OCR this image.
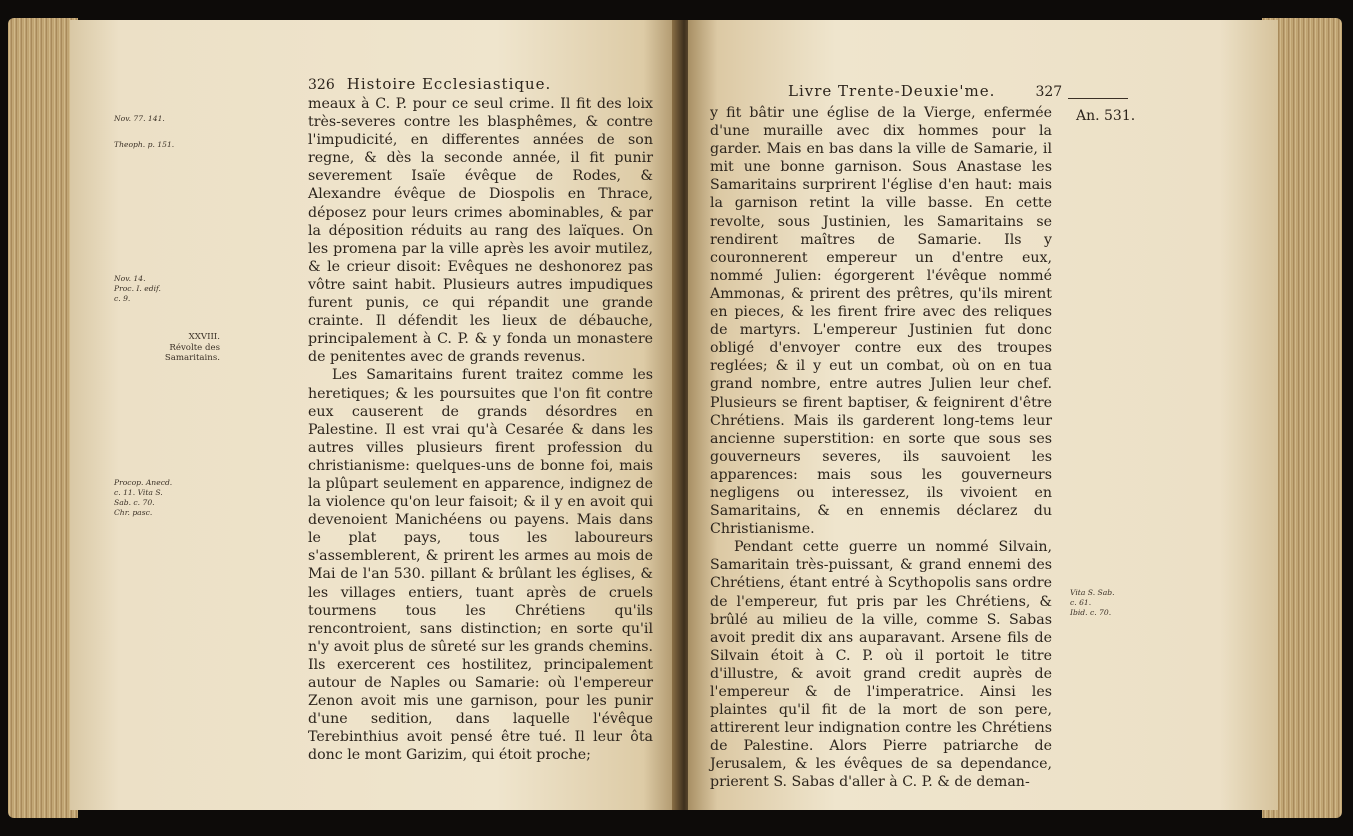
326 Histoire Ecclesiastique.
Nov. 77. 141.
Theoph. p. 151.
Nov. 14.
Proc. I. edif.
c. 9.
XXVIII.
Révolte des
Samaritains.
Procop. Anecd.
c. 11. Vita S.
Sab. c. 70.
Chr. pasc.

meaux à C. P. pour ce seul crime. Il fit des loix très-severes contre les blasphêmes, & contre l'impudicité, en differentes années de son regne, & dès la seconde année, il fit punir severement Isaïe évêque de Rodes, & Alexandre évêque de Diospolis en Thrace, déposez pour leurs crimes abominables, & par la déposition réduits au rang des laïques. On les promena par la ville après les avoir mutilez, & le crieur disoit: Evêques ne deshonorez pas vôtre saint habit. Plusieurs autres impudiques furent punis, ce qui répandit une grande crainte. Il défendit les lieux de débauche, principalement à C. P. & y fonda un monastere de penitentes avec de grands revenus.

Les Samaritains furent traitez comme les heretiques; & les poursuites que l'on fit contre eux causerent de grands désordres en Palestine. Il est vrai qu'à Cesarée & dans les autres villes plusieurs firent profession du christianisme: quelques-uns de bonne foi, mais la plûpart seulement en apparence, indignez de la violence qu'on leur faisoit; & il y en avoit qui devenoient Manichéens ou payens. Mais dans le plat pays, tous les laboureurs s'assemblerent, & prirent les armes au mois de Mai de l'an 530. pillant & brûlant les églises, & les villages entiers, tuant après de cruels tourmens tous les Chrétiens qu'ils rencontroient, sans distinction; en sorte qu'il n'y avoit plus de sûreté sur les grands chemins. Ils exercerent ces hostilitez, principalement autour de Naples ou Samarie: où l'empereur Zenon avoit mis une garnison, pour les punir d'une sedition, dans laquelle l'évêque Terebinthius avoit pensé être tué. Il leur ôta donc le mont Garizim, qui étoit proche;

Livre Trente-Deuxie'me.	327
An. 531.

y fit bâtir une église de la Vierge, enfermée d'une muraille avec dix hommes pour la garder. Mais en bas dans la ville de Samarie, il mit une bonne garnison. Sous Anastase les Samaritains surprirent l'église d'en haut: mais la garnison retint la ville basse. En cette revolte, sous Justinien, les Samaritains se rendirent maîtres de Samarie. Ils y couronnerent empereur un d'entre eux, nommé Julien: égorgerent l'évêque nommé Ammonas, & prirent des prêtres, qu'ils mirent en pieces, & les firent frire avec des reliques de martyrs. L'empereur Justinien fut donc obligé d'envoyer contre eux des troupes reglées; & il y eut un combat, où on en tua grand nombre, entre autres Julien leur chef. Plusieurs se firent baptiser, & feignirent d'être Chrétiens. Mais ils garderent long-tems leur ancienne superstition: en sorte que sous ses gouverneurs severes, ils sauvoient les apparences: mais sous les gouverneurs negligens ou interessez, ils vivoient en Samaritains, & en ennemis déclarez du Christianisme.

Pendant cette guerre un nommé Silvain, Samaritain très-puissant, & grand ennemi des Chrétiens, étant entré à Scythopolis sans ordre de l'empereur, fut pris par les Chrétiens, & brûlé au milieu de la ville, comme S. Sabas avoit predit dix ans auparavant. Arsene fils de Silvain étoit à C. P. où il portoit le titre d'illustre, & avoit grand credit auprès de l'empereur & de l'imperatrice. Ainsi les plaintes qu'il fit de la mort de son pere, attirerent leur indignation contre les Chrétiens de Palestine. Alors Pierre patriarche de Jerusalem, & les évêques de sa dependance, prierent S. Sabas d'aller à C. P. & de deman-

Vita S. Sab.
c. 61.
Ibid. c. 70.
